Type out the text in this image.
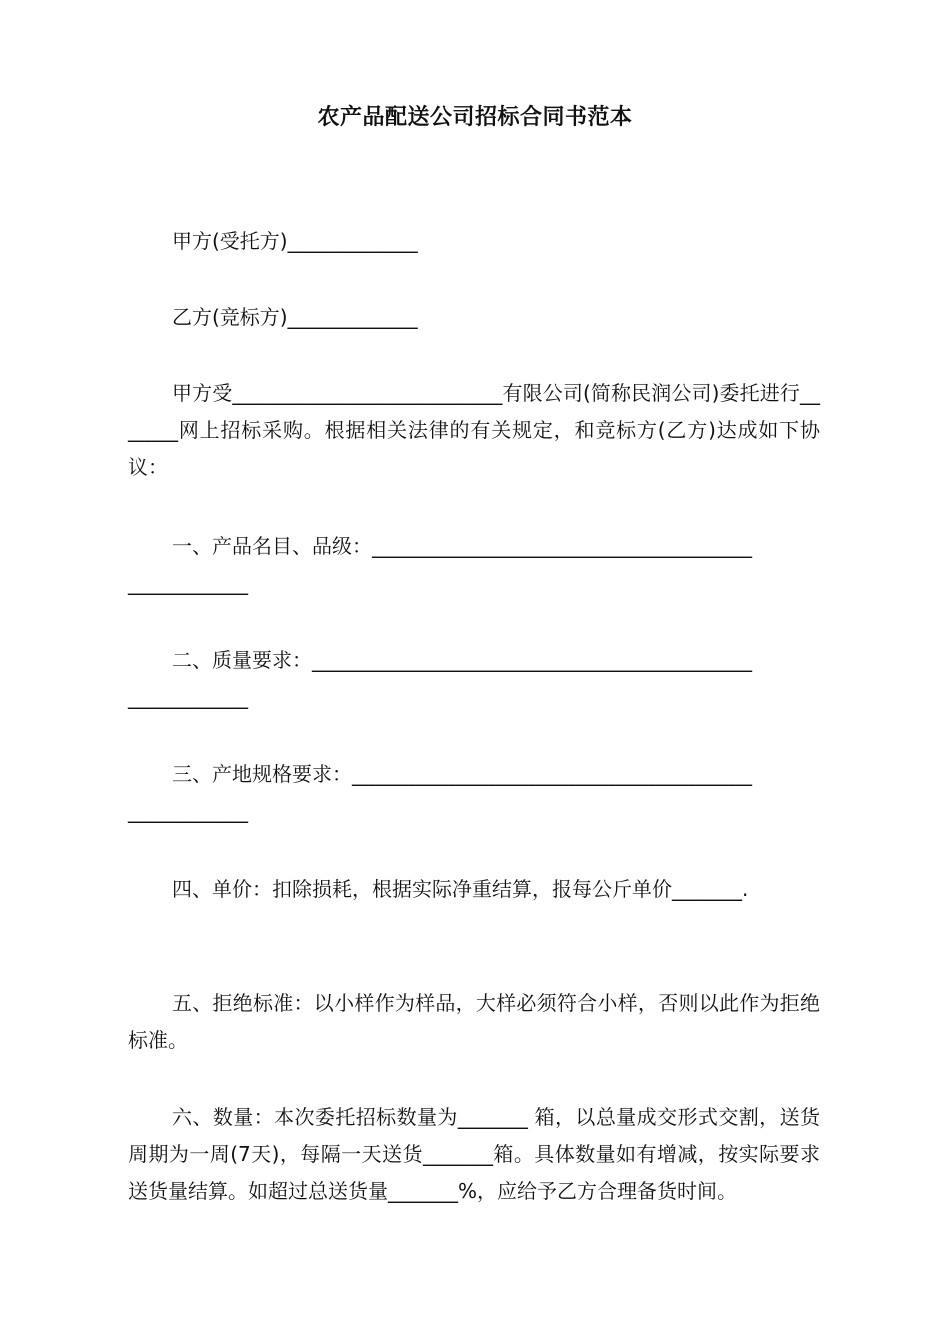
农产品配送公司招标合同书范本

甲方(受托方)_____________

乙方(竞标方)_____________

甲方受___________________________有限公司(简称民润公司)委托进行_______网上招标采购。根据相关法律的有关规定，和竞标方(乙方)达成如下协议：

一、产品名目、品级：______________________________________
____________
二、质量要求：____________________________________________
____________
三、产地规格要求：________________________________________
____________

四、单价：扣除损耗，根据实际净重结算，报每公斤单价_______.

五、拒绝标准：以小样作为样品，大样必须符合小样，否则以此作为拒绝标准。

六、数量：本次委托招标数量为_______ 箱，以总量成交形式交割，送货周期为一周(7天)，每隔一天送货_______箱。具体数量如有增减，按实际要求送货量结算。如超过总送货量_______%，应给予乙方合理备货时间。
